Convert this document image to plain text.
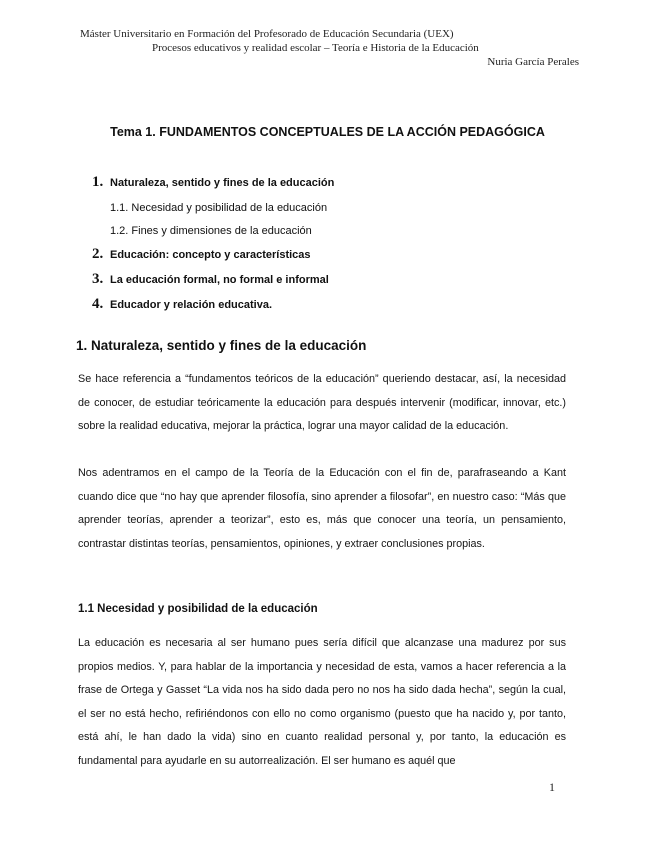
Máster Universitario en Formación del Profesorado de Educación Secundaria (UEX)
Procesos educativos y realidad escolar – Teoría e Historia de la Educación
Nuria García Perales
Tema 1. FUNDAMENTOS CONCEPTUALES DE LA ACCIÓN PEDAGÓGICA
1. Naturaleza, sentido y fines de la educación
1.1. Necesidad y posibilidad de la educación
1.2. Fines y dimensiones de la educación
2. Educación: concepto y características
3. La educación formal, no formal e informal
4. Educador y relación educativa.
1. Naturaleza, sentido y fines de la educación
Se hace referencia a “fundamentos teóricos de la educación” queriendo destacar, así, la necesidad de conocer, de estudiar teóricamente la educación para después intervenir (modificar, innovar, etc.) sobre la realidad educativa, mejorar la práctica, lograr una mayor calidad de la educación.
Nos adentramos en el campo de la Teoría de la Educación con el fin de, parafraseando a Kant cuando dice que “no hay que aprender filosofía, sino aprender a filosofar”, en nuestro caso: “Más que aprender teorías, aprender a teorizar”, esto es, más que conocer una teoría, un pensamiento, contrastar distintas teorías, pensamientos, opiniones, y extraer conclusiones propias.
1.1 Necesidad y posibilidad de la educación
La educación es necesaria al ser humano pues sería difícil que alcanzase una madurez por sus propios medios. Y, para hablar de la importancia y necesidad de esta, vamos a hacer referencia a la frase de Ortega y Gasset “La vida nos ha sido dada pero no nos ha sido dada hecha”, según la cual, el ser no está hecho, refiriéndonos con ello no como organismo (puesto que ha nacido y, por tanto, está ahí, le han dado la vida) sino en cuanto realidad personal y, por tanto, la educación es fundamental para ayudarle en su autorrealización. El ser humano es aquél que
1
